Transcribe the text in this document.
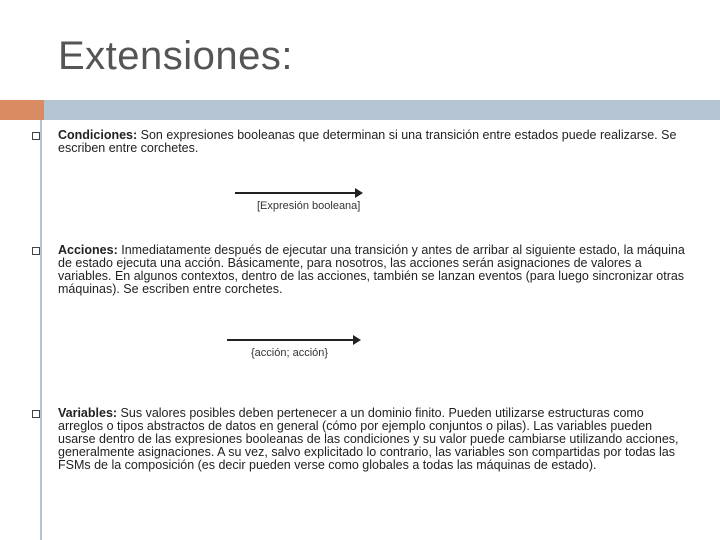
Extensiones:
Condiciones: Son expresiones booleanas que determinan si una transición entre estados puede realizarse. Se escriben entre corchetes.
[Expresión booleana]
Acciones: Inmediatamente después de ejecutar una transición y antes de arribar al siguiente estado, la máquina de estado ejecuta una acción. Básicamente, para nosotros, las acciones serán asignaciones de valores a variables. En algunos contextos, dentro de las acciones, también se lanzan eventos (para luego sincronizar otras máquinas). Se escriben entre corchetes.
{acción; acción}
Variables: Sus valores posibles deben pertenecer a un dominio finito. Pueden utilizarse estructuras como arreglos o tipos abstractos de datos en general (cómo por ejemplo conjuntos o pilas). Las variables pueden usarse dentro de las expresiones booleanas de las condiciones y su valor puede cambiarse utilizando acciones, generalmente asignaciones. A su vez, salvo explicitado lo contrario, las variables son compartidas por todas las FSMs de la composición (es decir pueden verse como globales a todas las máquinas de estado).
